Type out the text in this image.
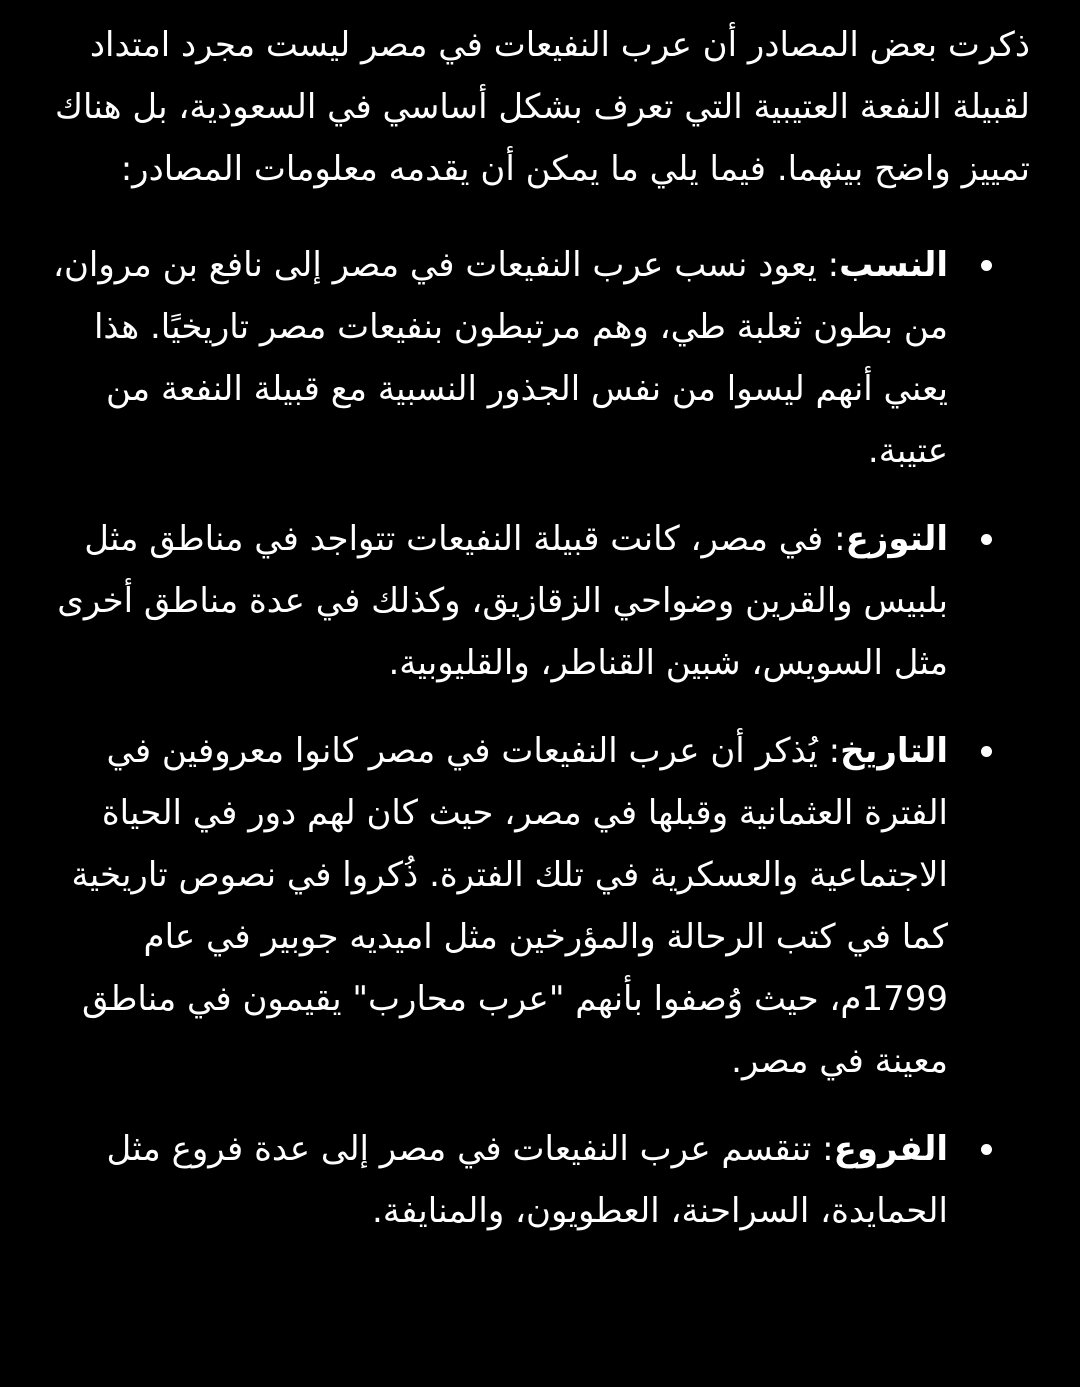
ذكرت بعض المصادر أن عرب النفيعات في مصر ليست مجرد امتداد لقبيلة النفعة العتيبية التي تعرف بشكل أساسي في السعودية، بل هناك تمييز واضح بينهما. فيما يلي ما يمكن أن يقدمه معلومات المصادر:

النسب: يعود نسب عرب النفيعات في مصر إلى نافع بن مروان، من بطون ثعلبة طي، وهم مرتبطون بنفيعات مصر تاريخيًا. هذا يعني أنهم ليسوا من نفس الجذور النسبية مع قبيلة النفعة من عتيبة.
التوزع: في مصر، كانت قبيلة النفيعات تتواجد في مناطق مثل بلبيس والقرين وضواحي الزقازيق، وكذلك في عدة مناطق أخرى مثل السويس، شبين القناطر، والقليوبية.
التاريخ: يُذكر أن عرب النفيعات في مصر كانوا معروفين في الفترة العثمانية وقبلها في مصر، حيث كان لهم دور في الحياة الاجتماعية والعسكرية في تلك الفترة. ذُكروا في نصوص تاريخية كما في كتب الرحالة والمؤرخين مثل اميديه جوبير في عام 1799م، حيث وُصفوا بأنهم "عرب محارب" يقيمون في مناطق معينة في مصر.
الفروع: تنقسم عرب النفيعات في مصر إلى عدة فروع مثل الحمايدة، السراحنة، العطويون، والمنايفة.
